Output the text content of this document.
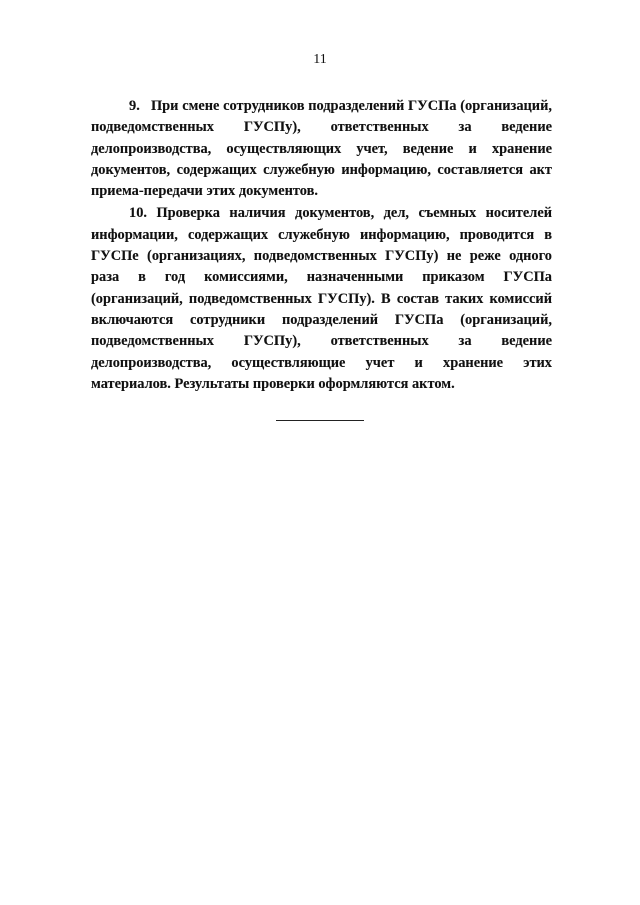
11

9.   При смене сотрудников подразделений ГУСПа (организаций, подведомственных ГУСПу), ответственных за ведение делопроизводства, осуществляющих учет, ведение и хранение документов, содержащих служебную информацию, составляется акт приема-передачи этих документов.

10. Проверка наличия документов, дел, съемных носителей информации, содержащих служебную информацию, проводится в ГУСПе (организациях, подведомственных ГУСПу) не реже одного раза в год комиссиями, назначенными приказом ГУСПа (организаций, подведомственных ГУСПу). В состав таких комиссий включаются сотрудники подразделений ГУСПа (организаций, подведомственных ГУСПу), ответственных за ведение делопроизводства, осуществляющие учет и хранение этих материалов. Результаты проверки оформляются актом.
